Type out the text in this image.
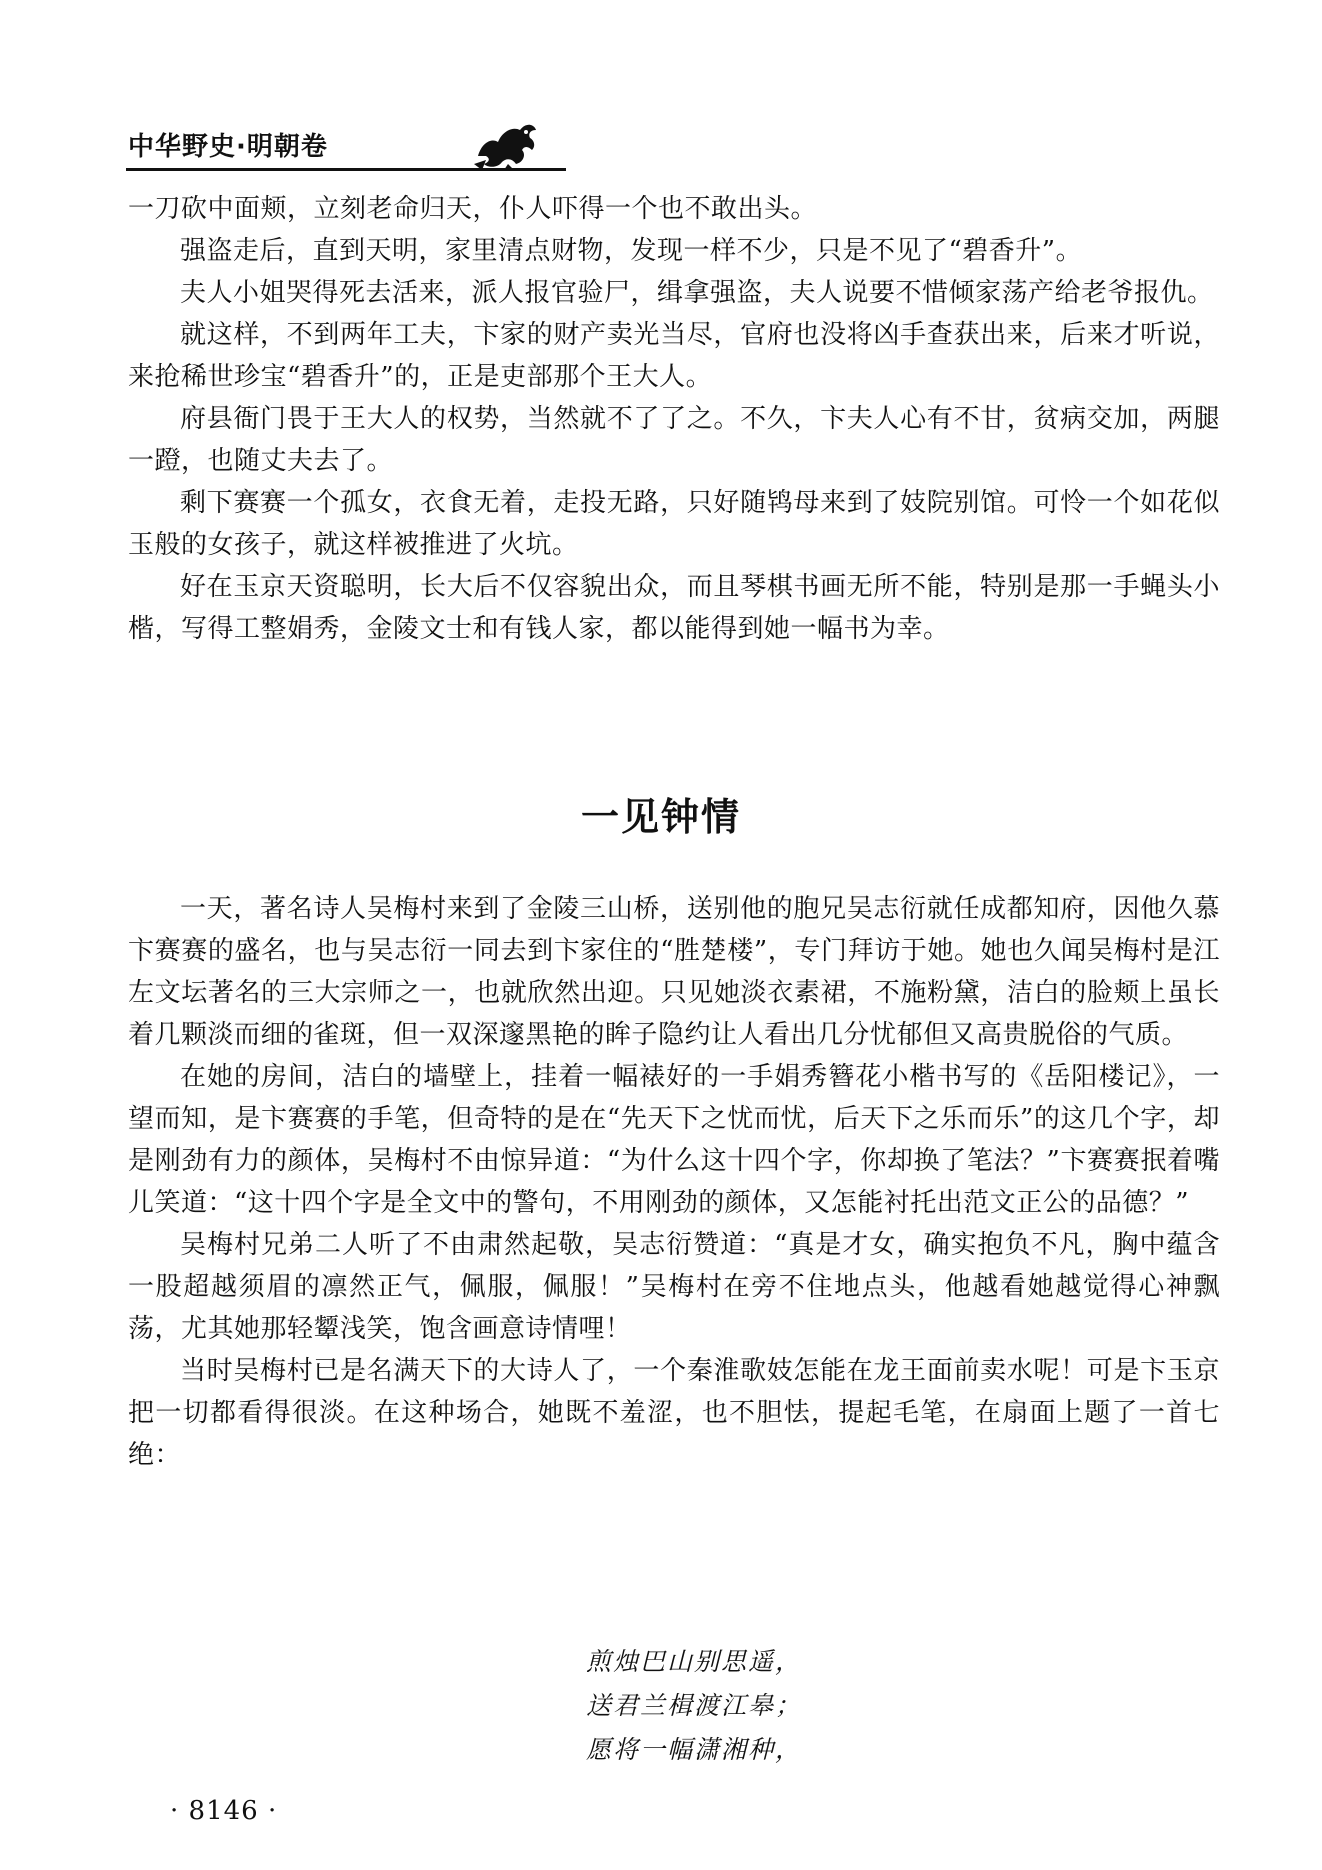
中华野史·明朝卷

一刀砍中面颊，立刻老命归天，仆人吓得一个也不敢出头。

强盗走后，直到天明，家里清点财物，发现一样不少，只是不见了“碧香升”。

夫人小姐哭得死去活来，派人报官验尸，缉拿强盗，夫人说要不惜倾家荡产给老爷报仇。

就这样，不到两年工夫，卞家的财产卖光当尽，官府也没将凶手查获出来，后来才听说，来抢稀世珍宝“碧香升”的，正是吏部那个王大人。

府县衙门畏于王大人的权势，当然就不了了之。不久，卞夫人心有不甘，贫病交加，两腿一蹬，也随丈夫去了。

剩下赛赛一个孤女，衣食无着，走投无路，只好随鸨母来到了妓院别馆。可怜一个如花似玉般的女孩子，就这样被推进了火坑。

好在玉京天资聪明，长大后不仅容貌出众，而且琴棋书画无所不能，特别是那一手蝇头小楷，写得工整娟秀，金陵文士和有钱人家，都以能得到她一幅书为幸。

一见钟情

一天，著名诗人吴梅村来到了金陵三山桥，送别他的胞兄吴志衍就任成都知府，因他久慕卞赛赛的盛名，也与吴志衍一同去到卞家住的“胜楚楼”，专门拜访于她。她也久闻吴梅村是江左文坛著名的三大宗师之一，也就欣然出迎。只见她淡衣素裙，不施粉黛，洁白的脸颊上虽长着几颗淡而细的雀斑，但一双深邃黑艳的眸子隐约让人看出几分忧郁但又高贵脱俗的气质。

在她的房间，洁白的墙壁上，挂着一幅裱好的一手娟秀簪花小楷书写的《岳阳楼记》，一望而知，是卞赛赛的手笔，但奇特的是在“先天下之忧而忧，后天下之乐而乐”的这几个字，却是刚劲有力的颜体，吴梅村不由惊异道：“为什么这十四个字，你却换了笔法？”卞赛赛抿着嘴儿笑道：“这十四个字是全文中的警句，不用刚劲的颜体，又怎能衬托出范文正公的品德？”

吴梅村兄弟二人听了不由肃然起敬，吴志衍赞道：“真是才女，确实抱负不凡，胸中蕴含一股超越须眉的凛然正气，佩服，佩服！”吴梅村在旁不住地点头，他越看她越觉得心神飘荡，尤其她那轻颦浅笑，饱含画意诗情哩！

当时吴梅村已是名满天下的大诗人了，一个秦淮歌妓怎能在龙王面前卖水呢！可是卞玉京把一切都看得很淡。在这种场合，她既不羞涩，也不胆怯，提起毛笔，在扇面上题了一首七绝：

煎烛巴山别思遥，
送君兰楫渡江皋；
愿将一幅潇湘种，
· 8146 ·
